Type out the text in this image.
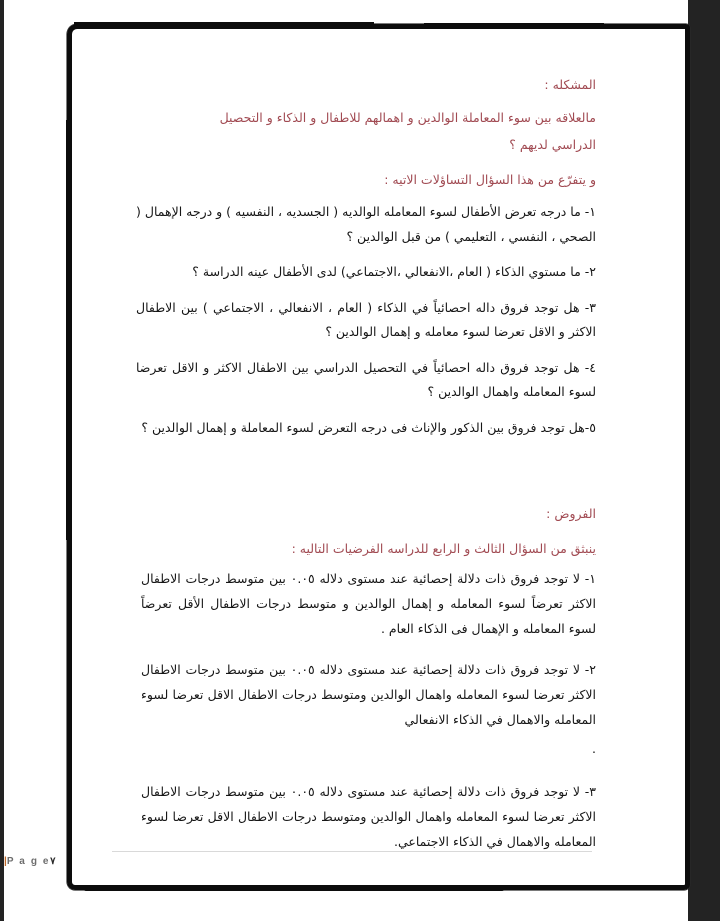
المشكله :
مالعلاقه بين سوء المعاملة الوالدين و اهمالهم للاطفال و الذكاء و التحصيل
الدراسي لديهم ؟
و يتفرّع من هذا السؤال التساؤلات الاتيه :
١- ما درجه تعرض الأطفال لسوء المعامله الوالديه ( الجسديه ، النفسيه ) و درجه الإهمال ( الصحي ، النفسي ، التعليمي ) من قبل الوالدين ؟
٢- ما مستوي الذكاء ( العام ،الانفعالي ،الاجتماعي) لدى الأطفال عينه الدراسة ؟
٣- هل توجد فروق داله احصائياً في الذكاء ( العام ، الانفعالي ، الاجتماعي ) بين الاطفال الاكثر و الاقل تعرضا لسوء معامله و إهمال الوالدين ؟
٤- هل توجد فروق داله احصائياً في التحصيل الدراسي بين الاطفال الاكثر و الاقل تعرضا لسوء المعامله واهمال الوالدين ؟
٥-هل توجد فروق بين الذكور والإناث فى درجه التعرض لسوء المعاملة و إهمال الوالدين ؟
الفروض :
ينبثق من السؤال الثالث و الرابع للدراسه الفرضيات التاليه :
١- لا توجد فروق ذات دلالة إحصائية عند مستوى دلاله ٠.٠٥ بين متوسط درجات الاطفال الاكثر تعرضاً لسوء المعامله و إهمال الوالدين و متوسط درجات الاطفال الأقل تعرضاً لسوء المعامله و الإهمال فى الذكاء العام .
٢- لا توجد فروق ذات دلالة إحصائية عند مستوى دلاله ٠.٠٥ بين متوسط درجات الاطفال الاكثر تعرضا لسوء المعامله واهمال الوالدين ومتوسط درجات الاطفال الاقل تعرضا لسوء المعامله والاهمال في الذكاء الانفعالي
.
٣- لا توجد فروق ذات دلالة إحصائية عند مستوى دلاله ٠.٠٥ بين متوسط درجات الاطفال الاكثر تعرضا لسوء المعامله واهمال الوالدين ومتوسط درجات الاطفال الاقل تعرضا لسوء المعامله والاهمال في الذكاء الاجتماعي.
|P a g e٧
